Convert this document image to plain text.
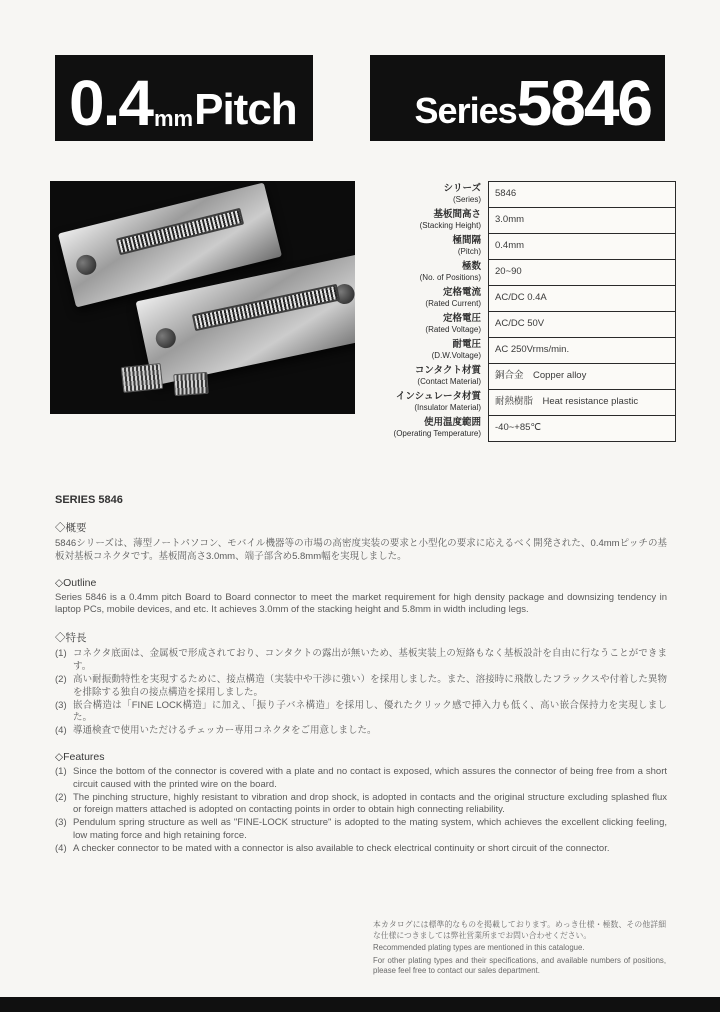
0.4 mm Pitch	Series 5846
シリーズ
(Series)
5846
基板間高さ
(Stacking Height)
3.0mm
極間隔
(Pitch)
0.4mm
極数
(No. of Positions)
20~90
定格電流
(Rated Current)
AC/DC 0.4A
定格電圧
(Rated Voltage)
AC/DC 50V
耐電圧
(D.W.Voltage)
AC 250Vrms/min.
コンタクト材質
(Contact Material)
銅合金　Copper alloy
インシュレータ材質
(Insulator Material)
耐熱樹脂　Heat resistance plastic
使用温度範囲
(Operating Temperature)
-40~+85℃
SERIES 5846
◇概要

5846シリーズは、薄型ノートパソコン、モバイル機器等の市場の高密度実装の要求と小型化の要求に応えるべく開発された、0.4mmピッチの基板対基板コネクタです。基板間高さ3.0mm、端子部含め5.8mm幅を実現しました。

◇Outline

Series 5846 is a 0.4mm pitch Board to Board connector to meet the market requirement for high density package and downsizing tendency in laptop PCs, mobile devices, and etc. It achieves 3.0mm of the stacking height and 5.8mm in width including legs.

◇特長
(1) コネクタ底面は、金属板で形成されており、コンタクトの露出が無いため、基板実装上の短絡もなく基板設計を自由に行なうことができます。
(2) 高い耐振動特性を実現するために、接点構造（実装中や干渉に強い）を採用しました。また、溶接時に飛散したフラックスや付着した異物を排除する独自の接点構造を採用しました。
(3) 嵌合構造は「FINE LOCK構造」に加え、「振り子バネ構造」を採用し、優れたクリック感で挿入力も低く、高い嵌合保持力を実現しました。
(4) 導通検査で使用いただけるチェッカー専用コネクタをご用意しました。
◇Features
(1) Since the bottom of the connector is covered with a plate and no contact is exposed, which assures the connector of being free from a short circuit caused with the printed wire on the board.
(2) The pinching structure, highly resistant to vibration and drop shock, is adopted in contacts and the original structure excluding splashed flux or foreign matters attached is adopted on contacting points in order to obtain high connecting reliability.
(3) Pendulum spring structure as well as "FINE-LOCK structure" is adopted to the mating system, which achieves the excellent clicking feeling, low mating force and high retaining force.
(4) A checker connector to be mated with a connector is also available to check electrical continuity or short circuit of the connector.

本カタログには標準的なものを掲載しております。めっき仕様・極数、その他詳細な仕様につきましては弊社営業所までお問い合わせください。

Recommended plating types are mentioned in this catalogue.

For other plating types and their specifications, and available numbers of positions, please feel free to contact our sales department.
